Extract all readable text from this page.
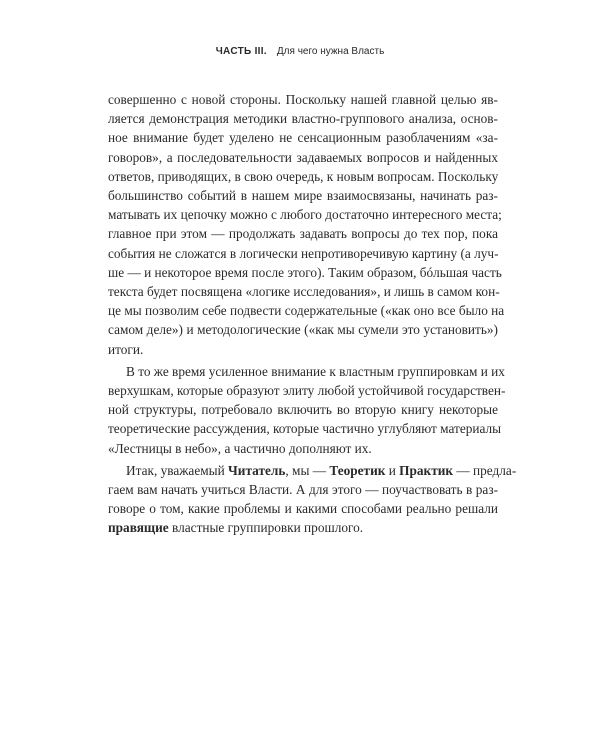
ЧАСТЬ III. Для чего нужна Власть
совершенно с новой стороны. Поскольку нашей главной целью яв-
ляется демонстрация методики властно-группового анализа, основ-
ное внимание будет уделено не сенсационным разоблачениям «за-
говоров», а последовательности задаваемых вопросов и найденных
ответов, приводящих, в свою очередь, к новым вопросам. Поскольку
большинство событий в нашем мире взаимосвязаны, начинать раз-
матывать их цепочку можно с любого достаточно интересного места;
главное при этом — продолжать задавать вопросы до тех пор, пока
события не сложатся в логически непротиворечивую картину (а луч-
ше — и некоторое время после этого). Таким образом, бóльшая часть
текста будет посвящена «логике исследования», и лишь в самом кон-
це мы позволим себе подвести содержательные («как оно все было на
самом деле») и методологические («как мы сумели это установить»)
итоги.
В то же время усиленное внимание к властным группировкам и их
верхушкам, которые образуют элиту любой устойчивой государствен-
ной структуры, потребовало включить во вторую книгу некоторые
теоретические рассуждения, которые частично углубляют материалы
«Лестницы в небо», а частично дополняют их.
Итак, уважаемый Читатель, мы — Теоретик и Практик — предла-
гаем вам начать учиться Власти. А для этого — поучаствовать в раз-
говоре о том, какие проблемы и какими способами реально решали
правящие властные группировки прошлого.
